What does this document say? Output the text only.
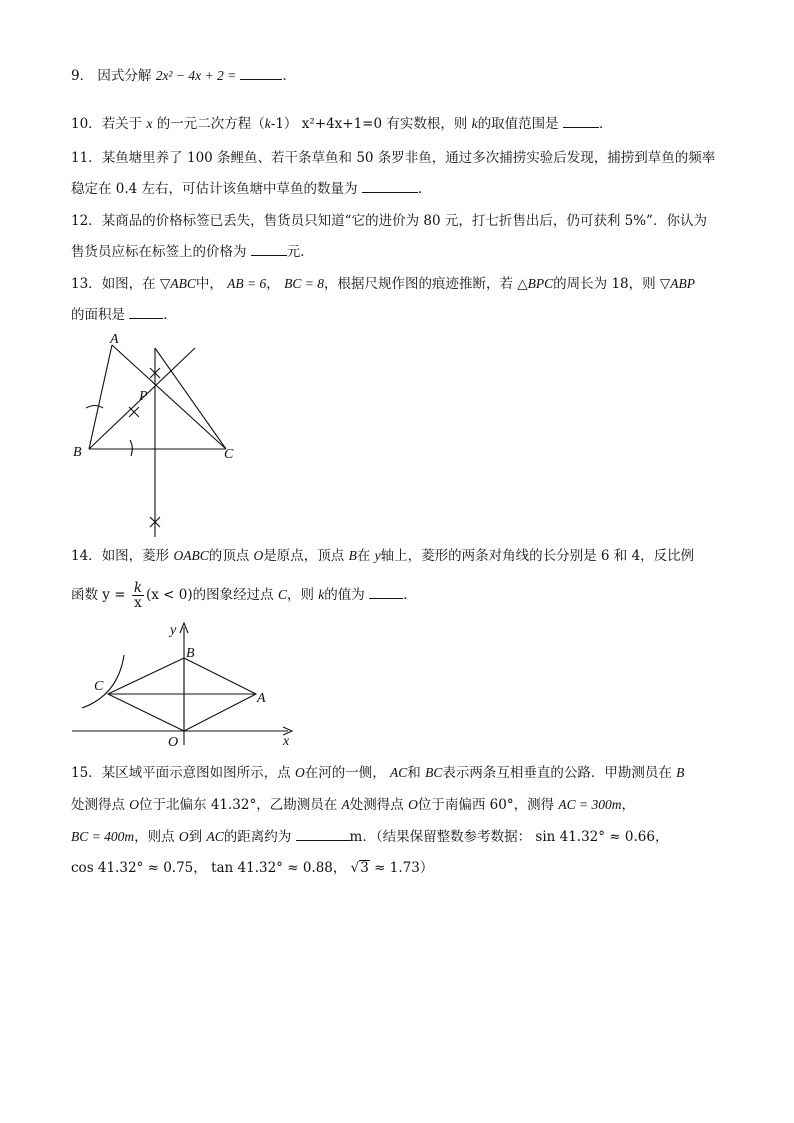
9． 因式分解 2x² − 4x + 2 =	．
10．若关于 x 的一元二次方程（k-1） x²+4x+1=0 有实数根，则 k的取值范围是	．
11．某鱼塘里养了 100 条鲤鱼、若干条草鱼和 50 条罗非鱼，通过多次捕捞实验后发现，捕捞到草鱼的频率
稳定在 0.4 左右，可估计该鱼塘中草鱼的数量为	．
12．某商品的价格标签已丢失，售货员只知道“它的进价为 80 元，打七折售出后，仍可获利 5%”．你认为
售货员应标在标签上的价格为	元．
13．如图，在 ▽ABC中， AB = 6， BC = 8，根据尺规作图的痕迹推断，若 △BPC的周长为 18，则 ▽ABP
的面积是	．
A
B	C
P
14．如图，菱形 OABC的顶点 O是原点，顶点 B在 y轴上，菱形的两条对角线的长分别是 6 和 4，反比例
函数 $y = \frac{k}{x} (x < 0)$的图象经过点 C，则 k的值为	．
y
x
B
C
A
O
15．某区域平面示意图如图所示，点 O在河的一侧， AC和 BC表示两条互相垂直的公路．甲勘测员在 B
处测得点 O位于北偏东 41.32°，乙勘测员在 A处测得点 O位于南偏西 60°，测得 AC = 300m，
BC = 400m，则点 O到 AC的距离约为	m．（结果保留整数参考数据： sin 41.32° ≈ 0.66，
cos 41.32° ≈ 0.75， tan 41.32° ≈ 0.88， √3 ≈ 1.73）
